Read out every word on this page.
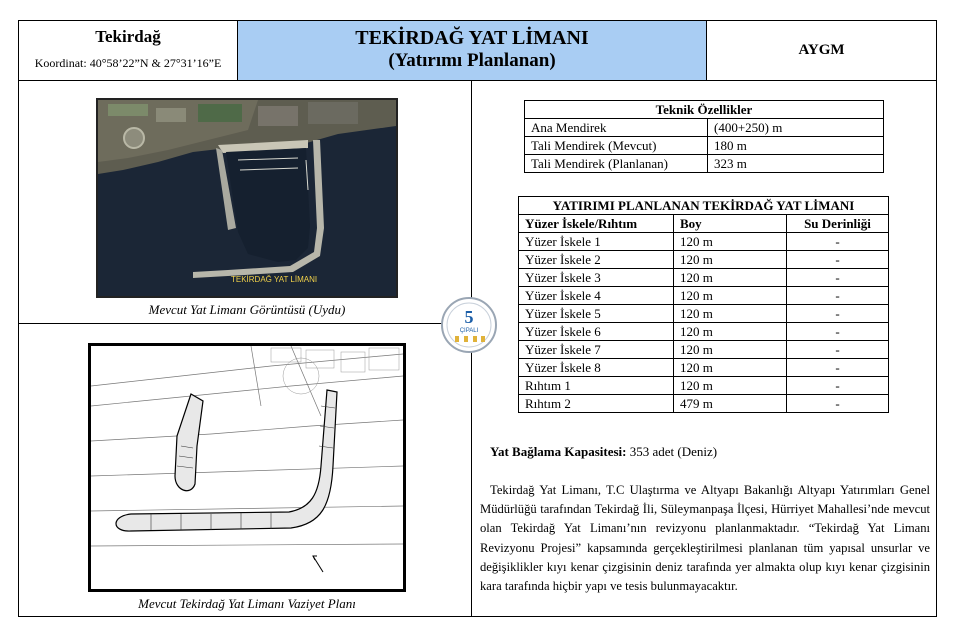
Tekirdağ
Koordinat: 40°58’22”N & 27°31’16”E
TEKİRDAĞ YAT LİMANI
(Yatırımı Planlanan)	AYGM
TEKİRDAĞ YAT LİMANI
Mevcut Yat Limanı Görüntüsü (Uydu)
Mevcut Tekirdağ Yat Limanı Vaziyet Planı
5
ÇIPALI
Teknik Özellikler	
Ana Mendirek	(400+250) m
Tali Mendirek (Mevcut)	180 m
Tali Mendirek (Planlanan)	323 m
YATIRIMI PLANLANAN TEKİRDAĞ YAT LİMANI		
Yüzer İskele/Rıhtım	Boy	Su Derinliği
Yüzer İskele 1	120 m	-
Yüzer İskele 2	120 m	-
Yüzer İskele 3	120 m	-
Yüzer İskele 4	120 m	-
Yüzer İskele 5	120 m	-
Yüzer İskele 6	120 m	-
Yüzer İskele 7	120 m	-
Yüzer İskele 8	120 m	-
Rıhtım 1	120 m	-
Rıhtım 2	479 m	-
Yat Bağlama Kapasitesi: 353 adet (Deniz)
Tekirdağ Yat Limanı, T.C Ulaştırma ve Altyapı Bakanlığı Altyapı Yatırımları Genel Müdürlüğü tarafından Tekirdağ İli, Süleymanpaşa İlçesi, Hürriyet Mahallesi’nde mevcut olan Tekirdağ Yat Limanı’nın revizyonu planlanmaktadır. “Tekirdağ Yat Limanı Revizyonu Projesi” kapsamında gerçekleştirilmesi planlanan tüm yapısal unsurlar ve değişiklikler kıyı kenar çizgisinin deniz tarafında yer almakta olup kıyı kenar çizgisinin kara tarafında hiçbir yapı ve tesis bulunmayacaktır.
